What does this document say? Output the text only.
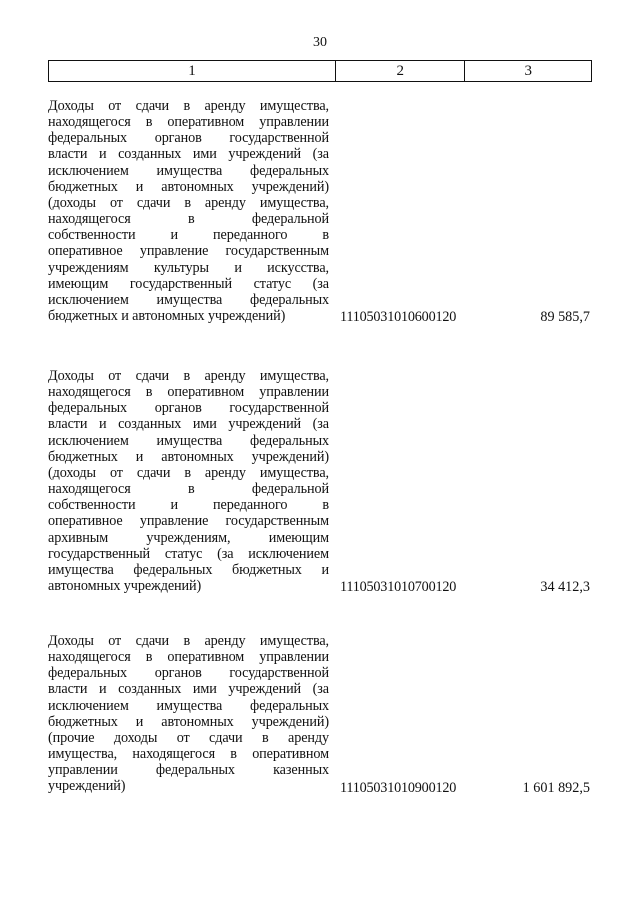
30
1	2	3
Доходы от сдачи в аренду имущества,
находящегося в оперативном управлении
федеральных органов государственной
власти и созданных ими учреждений (за
исключением имущества федеральных
бюджетных и автономных учреждений)
(доходы от сдачи в аренду имущества,
находящегося в федеральной
собственности и переданного в
оперативное управление государственным
учреждениям культуры и искусства,
имеющим государственный статус (за
исключением имущества федеральных
бюджетных и автономных учреждений)	11105031010600120	89 585,7
Доходы от сдачи в аренду имущества,
находящегося в оперативном управлении
федеральных органов государственной
власти и созданных ими учреждений (за
исключением имущества федеральных
бюджетных и автономных учреждений)
(доходы от сдачи в аренду имущества,
находящегося в федеральной
собственности и переданного в
оперативное управление государственным
архивным учреждениям, имеющим
государственный статус (за исключением
имущества федеральных бюджетных и
автономных учреждений)	11105031010700120	34 412,3
Доходы от сдачи в аренду имущества,
находящегося в оперативном управлении
федеральных органов государственной
власти и созданных ими учреждений (за
исключением имущества федеральных
бюджетных и автономных учреждений)
(прочие доходы от сдачи в аренду
имущества, находящегося в оперативном
управлении федеральных казенных
учреждений)	11105031010900120	1 601 892,5
